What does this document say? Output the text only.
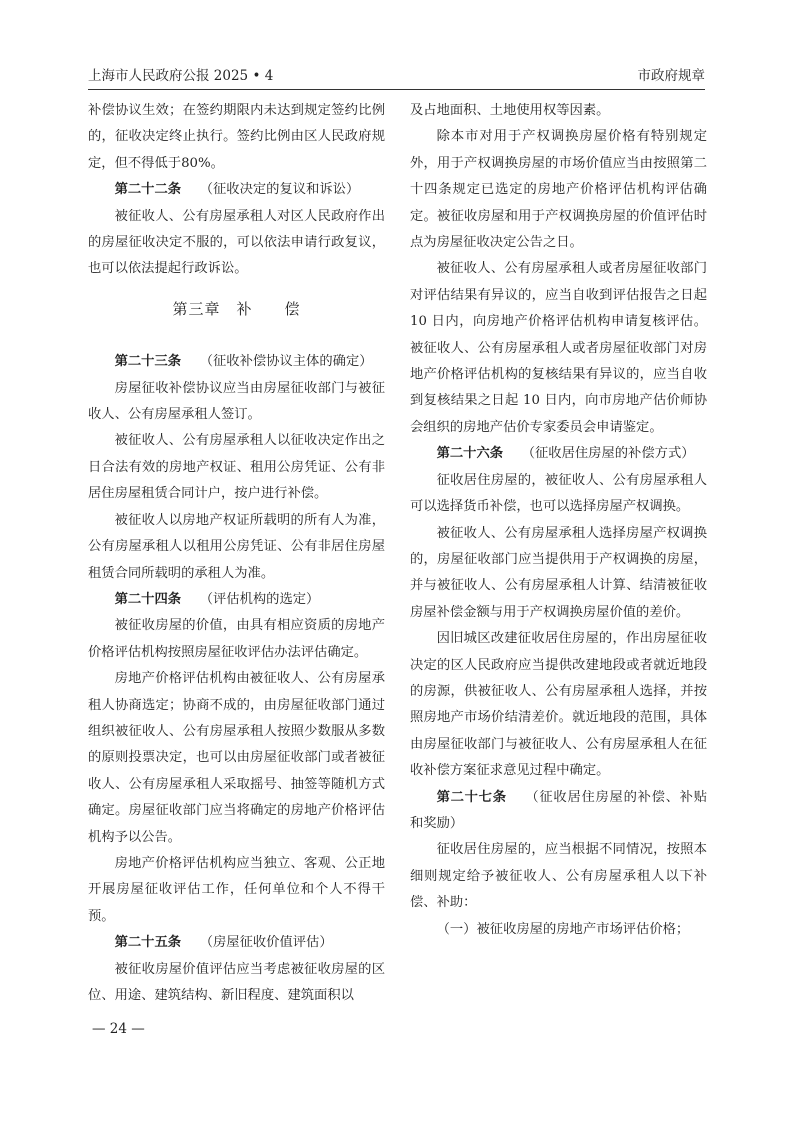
上海市人民政府公报 2025 • 4	市政府规章

补偿协议生效；在签约期限内未达到规定签约比例的，征收决定终止执行。签约比例由区人民政府规定，但不得低于80%。

第二十二条 （征收决定的复议和诉讼）

被征收人、公有房屋承租人对区人民政府作出的房屋征收决定不服的，可以依法申请行政复议，也可以依法提起行政诉讼。

第三章　补　　偿
第二十三条 （征收补偿协议主体的确定）

房屋征收补偿协议应当由房屋征收部门与被征收人、公有房屋承租人签订。

被征收人、公有房屋承租人以征收决定作出之日合法有效的房地产权证、租用公房凭证、公有非居住房屋租赁合同计户，按户进行补偿。

被征收人以房地产权证所载明的所有人为准，公有房屋承租人以租用公房凭证、公有非居住房屋租赁合同所载明的承租人为准。

第二十四条 （评估机构的选定）

被征收房屋的价值，由具有相应资质的房地产价格评估机构按照房屋征收评估办法评估确定。

房地产价格评估机构由被征收人、公有房屋承租人协商选定；协商不成的，由房屋征收部门通过组织被征收人、公有房屋承租人按照少数服从多数的原则投票决定，也可以由房屋征收部门或者被征收人、公有房屋承租人采取摇号、抽签等随机方式确定。房屋征收部门应当将确定的房地产价格评估机构予以公告。

房地产价格评估机构应当独立、客观、公正地开展房屋征收评估工作，任何单位和个人不得干预。

第二十五条 （房屋征收价值评估）

被征收房屋价值评估应当考虑被征收房屋的区位、用途、建筑结构、新旧程度、建筑面积以

及占地面积、土地使用权等因素。

除本市对用于产权调换房屋价格有特别规定外，用于产权调换房屋的市场价值应当由按照第二十四条规定已选定的房地产价格评估机构评估确定。被征收房屋和用于产权调换房屋的价值评估时点为房屋征收决定公告之日。

被征收人、公有房屋承租人或者房屋征收部门对评估结果有异议的，应当自收到评估报告之日起 10 日内，向房地产价格评估机构申请复核评估。被征收人、公有房屋承租人或者房屋征收部门对房地产价格评估机构的复核结果有异议的，应当自收到复核结果之日起 10 日内，向市房地产估价师协会组织的房地产估价专家委员会申请鉴定。

第二十六条 （征收居住房屋的补偿方式）

征收居住房屋的，被征收人、公有房屋承租人可以选择货币补偿，也可以选择房屋产权调换。

被征收人、公有房屋承租人选择房屋产权调换的，房屋征收部门应当提供用于产权调换的房屋，并与被征收人、公有房屋承租人计算、结清被征收房屋补偿金额与用于产权调换房屋价值的差价。

因旧城区改建征收居住房屋的，作出房屋征收决定的区人民政府应当提供改建地段或者就近地段的房源，供被征收人、公有房屋承租人选择，并按照房地产市场价结清差价。就近地段的范围，具体由房屋征收部门与被征收人、公有房屋承租人在征收补偿方案征求意见过程中确定。

第二十七条 （征收居住房屋的补偿、补贴和奖励）

征收居住房屋的，应当根据不同情况，按照本细则规定给予被征收人、公有房屋承租人以下补偿、补助：

（一）被征收房屋的房地产市场评估价格；

— 24 —
